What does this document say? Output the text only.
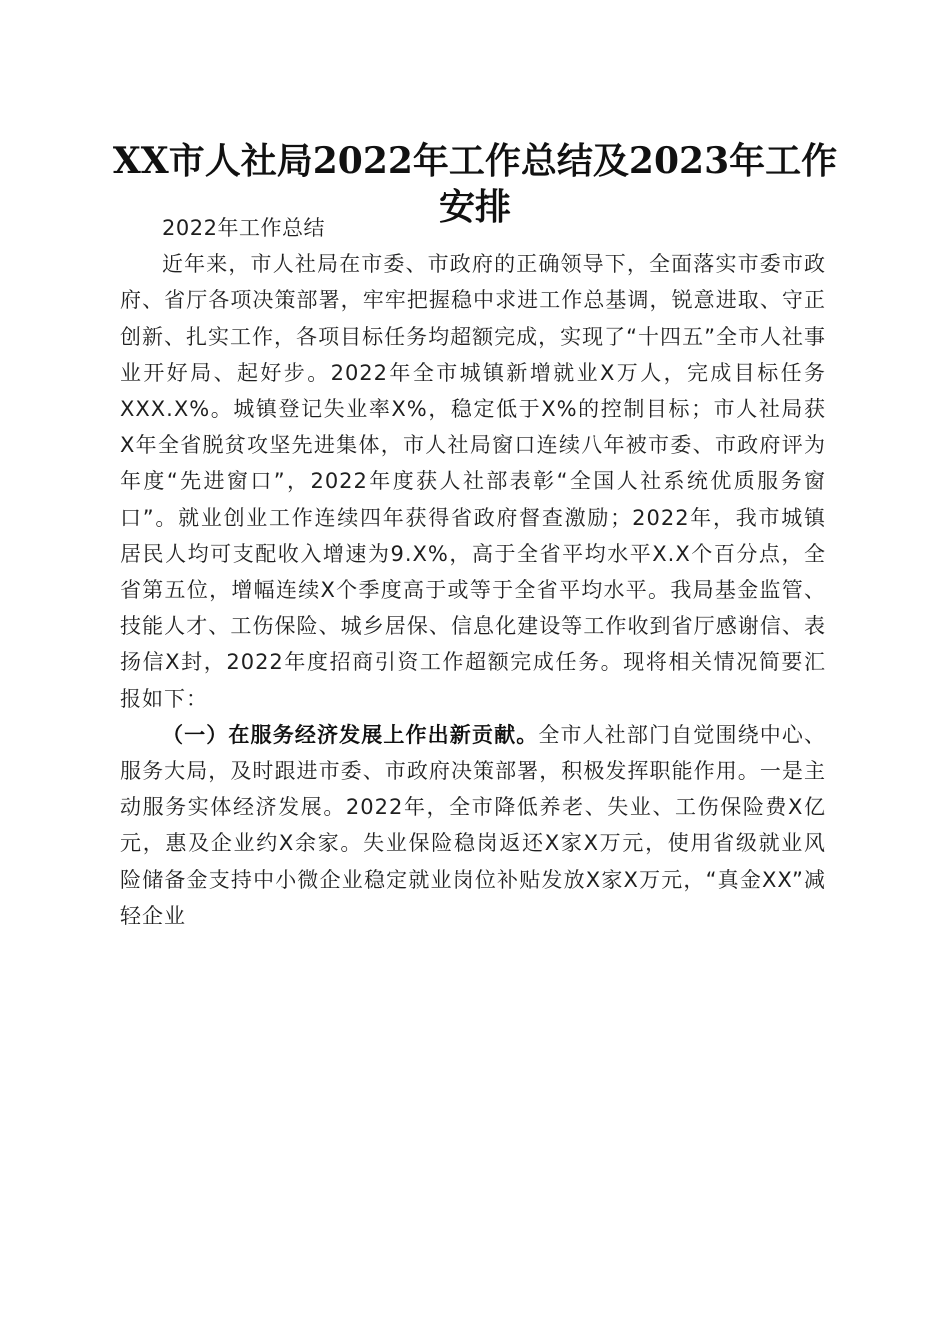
XX市人社局2022年工作总结及2023年工作安排

2022年工作总结

近年来，市人社局在市委、市政府的正确领导下，全面落实市委市政府、省厅各项决策部署，牢牢把握稳中求进工作总基调，锐意进取、守正创新、扎实工作，各项目标任务均超额完成，实现了“十四五”全市人社事业开好局、起好步。2022年全市城镇新增就业X万人，完成目标任务XXX.X%。城镇登记失业率X%，稳定低于X%的控制目标；市人社局获X年全省脱贫攻坚先进集体，市人社局窗口连续八年被市委、市政府评为年度“先进窗口”，2022年度获人社部表彰“全国人社系统优质服务窗口”。就业创业工作连续四年获得省政府督查激励；2022年，我市城镇居民人均可支配收入增速为9.X%，高于全省平均水平X.X个百分点，全省第五位，增幅连续X个季度高于或等于全省平均水平。我局基金监管、技能人才、工伤保险、城乡居保、信息化建设等工作收到省厅感谢信、表扬信X封，2022年度招商引资工作超额完成任务。现将相关情况简要汇报如下：

（一）在服务经济发展上作出新贡献。全市人社部门自觉围绕中心、服务大局，及时跟进市委、市政府决策部署，积极发挥职能作用。一是主动服务实体经济发展。2022年，全市降低养老、失业、工伤保险费X亿元，惠及企业约X余家。失业保险稳岗返还X家X万元，使用省级就业风险储备金支持中小微企业稳定就业岗位补贴发放X家X万元，“真金XX”减轻企业
